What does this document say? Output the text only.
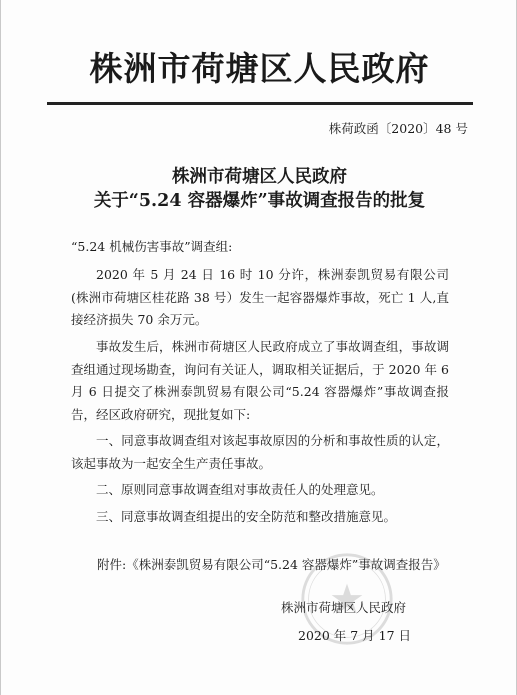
株洲市荷塘区人民政府
株荷政函〔2020〕48 号
株洲市荷塘区人民政府
关于“5.24 容器爆炸”事故调查报告的批复

“5.24 机械伤害事故”调查组:

2020 年 5 月 24 日 16 时 10 分许，株洲泰凯贸易有限公司(株洲市荷塘区桂花路 38 号）发生一起容器爆炸事故，死亡 1 人,直接经济损失 70 余万元。

事故发生后，株洲市荷塘区人民政府成立了事故调查组，事故调查组通过现场勘查，询问有关证人，调取相关证据后，于 2020 年 6 月 6 日提交了株洲泰凯贸易有限公司“5.24 容器爆炸”事故调查报告，经区政府研究，现批复如下:

一、同意事故调查组对该起事故原因的分析和事故性质的认定，该起事故为一起安全生产责任事故。

二、原则同意事故调查组对事故责任人的处理意见。

三、同意事故调查组提出的安全防范和整改措施意见。

附件:《株洲泰凯贸易有限公司“5.24 容器爆炸”事故调查报告》
株洲市荷塘区人民政府
2020 年 7 月 17 日
